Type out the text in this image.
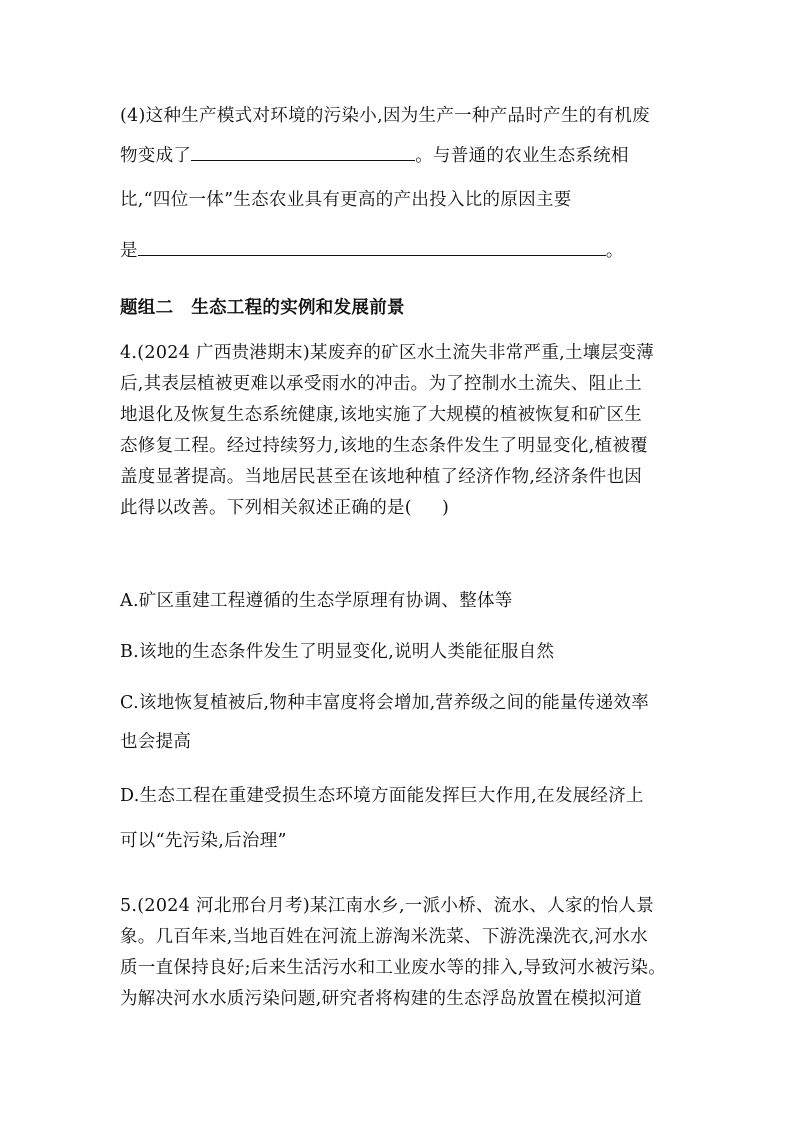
(4)这种生产模式对环境的污染小,因为生产一种产品时产生的有机废
物变成了	。与普通的农业生态系统相
比,“四位一体”生态农业具有更高的产出投入比的原因主要
是	。
题组二　生态工程的实例和发展前景
4.(2024 广西贵港期末)某废弃的矿区水土流失非常严重,土壤层变薄
后,其表层植被更难以承受雨水的冲击。为了控制水土流失、阻止土
地退化及恢复生态系统健康,该地实施了大规模的植被恢复和矿区生
态修复工程。经过持续努力,该地的生态条件发生了明显变化,植被覆
盖度显著提高。当地居民甚至在该地种植了经济作物,经济条件也因
此得以改善。下列相关叙述正确的是( )
A.矿区重建工程遵循的生态学原理有协调、整体等
B.该地的生态条件发生了明显变化,说明人类能征服自然
C.该地恢复植被后,物种丰富度将会增加,营养级之间的能量传递效率
也会提高
D.生态工程在重建受损生态环境方面能发挥巨大作用,在发展经济上
可以“先污染,后治理”
5.(2024 河北邢台月考)某江南水乡,一派小桥、流水、人家的怡人景
象。几百年来,当地百姓在河流上游淘米洗菜、下游洗澡洗衣,河水水
质一直保持良好;后来生活污水和工业废水等的排入,导致河水被污染。
为解决河水水质污染问题,研究者将构建的生态浮岛放置在模拟河道
